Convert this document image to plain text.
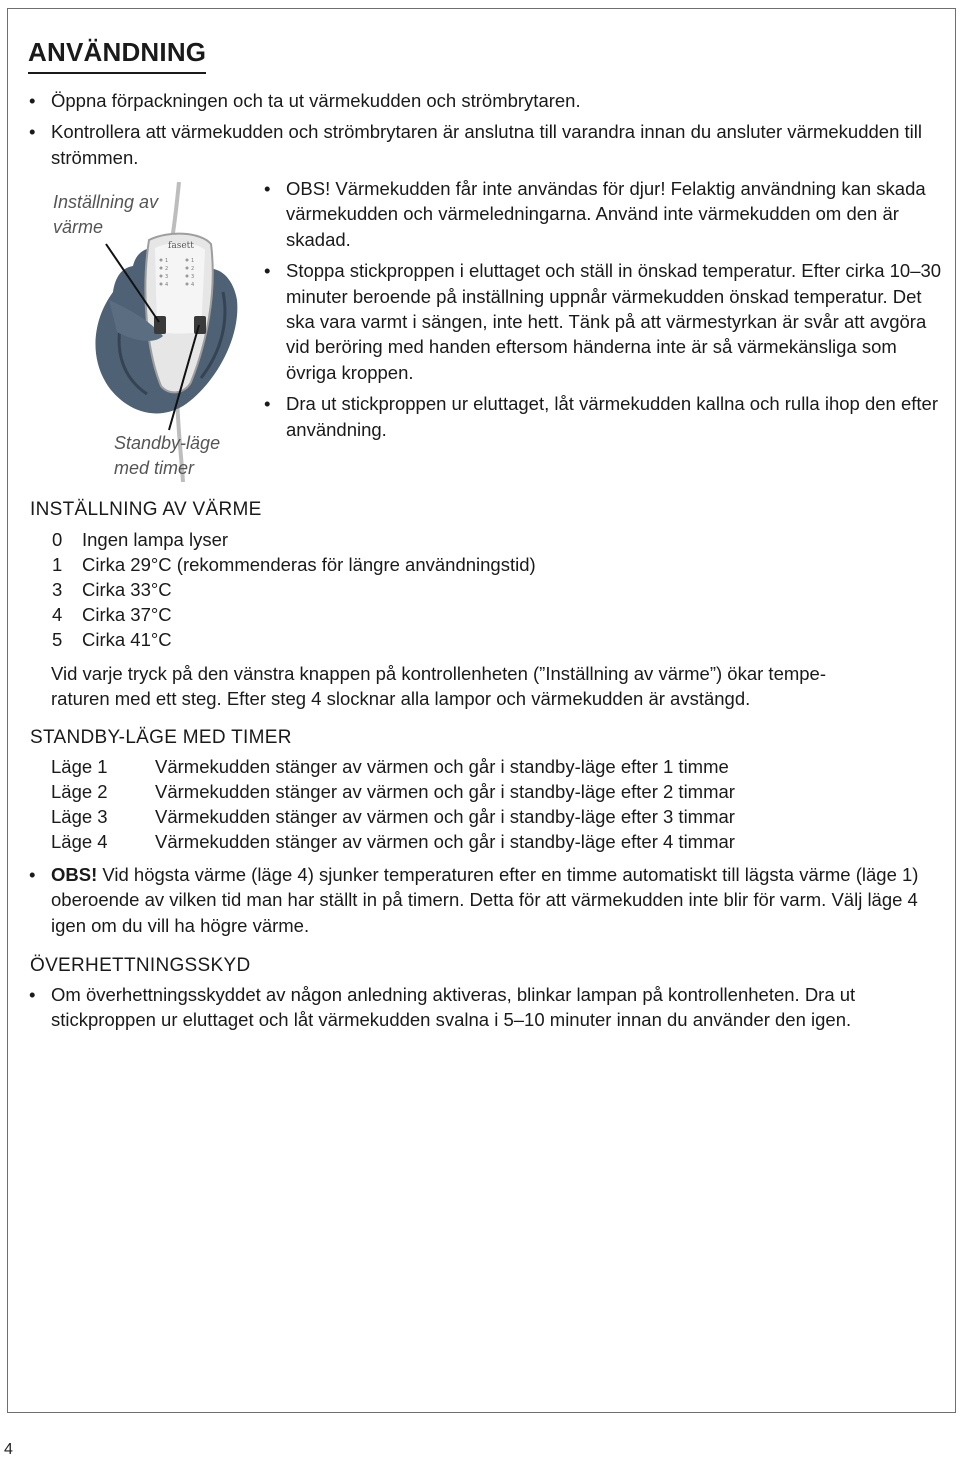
ANVÄNDNING
• Öppna förpackningen och ta ut värmekudden och strömbrytaren.
• Kontrollera att värmekudden och strömbrytaren är anslutna till varandra innan du ansluter värmekudden till strömmen.
fasett
1
2
3
4
1
2
3
4
Inställning av värme
Standby-läge med timer
• OBS! Värmekudden får inte användas för djur! Felaktig användning kan skada värmekudden och värmeledningarna. Använd inte värmekudden om den är skadad.
• Stoppa stickproppen i eluttaget och ställ in önskad temperatur. Efter cirka 10–30 minuter beroende på inställning uppnår värmekudden önskad temperatur. Det ska vara varmt i sängen, inte hett. Tänk på att värmestyrkan är svår att avgöra vid beröring med handen eftersom händerna inte är så värmekänsliga som övriga kroppen.
• Dra ut stickproppen ur eluttaget, låt värmekudden kallna och rulla ihop den efter användning.
INSTÄLLNING AV VÄRME
0	Ingen lampa lyser
1	Cirka 29°C (rekommenderas för längre användningstid)
3	Cirka 33°C
4	Cirka 37°C
5	Cirka 41°C

Vid varje tryck på den vänstra knappen på kontrollenheten (”Inställning av värme”) ökar tempe-

raturen med ett steg. Efter steg 4 slocknar alla lampor och värmekudden är avstängd.

STANDBY-LÄGE MED TIMER
Läge 1	Värmekudden stänger av värmen och går i standby-läge efter 1 timme
Läge 2	Värmekudden stänger av värmen och går i standby-läge efter 2 timmar
Läge 3	Värmekudden stänger av värmen och går i standby-läge efter 3 timmar
Läge 4	Värmekudden stänger av värmen och går i standby-läge efter 4 timmar
• OBS! Vid högsta värme (läge 4) sjunker temperaturen efter en timme automatiskt till lägsta värme (läge 1) oberoende av vilken tid man har ställt in på timern. Detta för att värmekudden inte blir för varm. Välj läge 4 igen om du vill ha högre värme.
ÖVERHETTNINGSSKYD
• Om överhettningsskyddet av någon anledning aktiveras, blinkar lampan på kontrollenheten. Dra ut stickproppen ur eluttaget och låt värmekudden svalna i 5–10 minuter innan du använder den igen.
4
